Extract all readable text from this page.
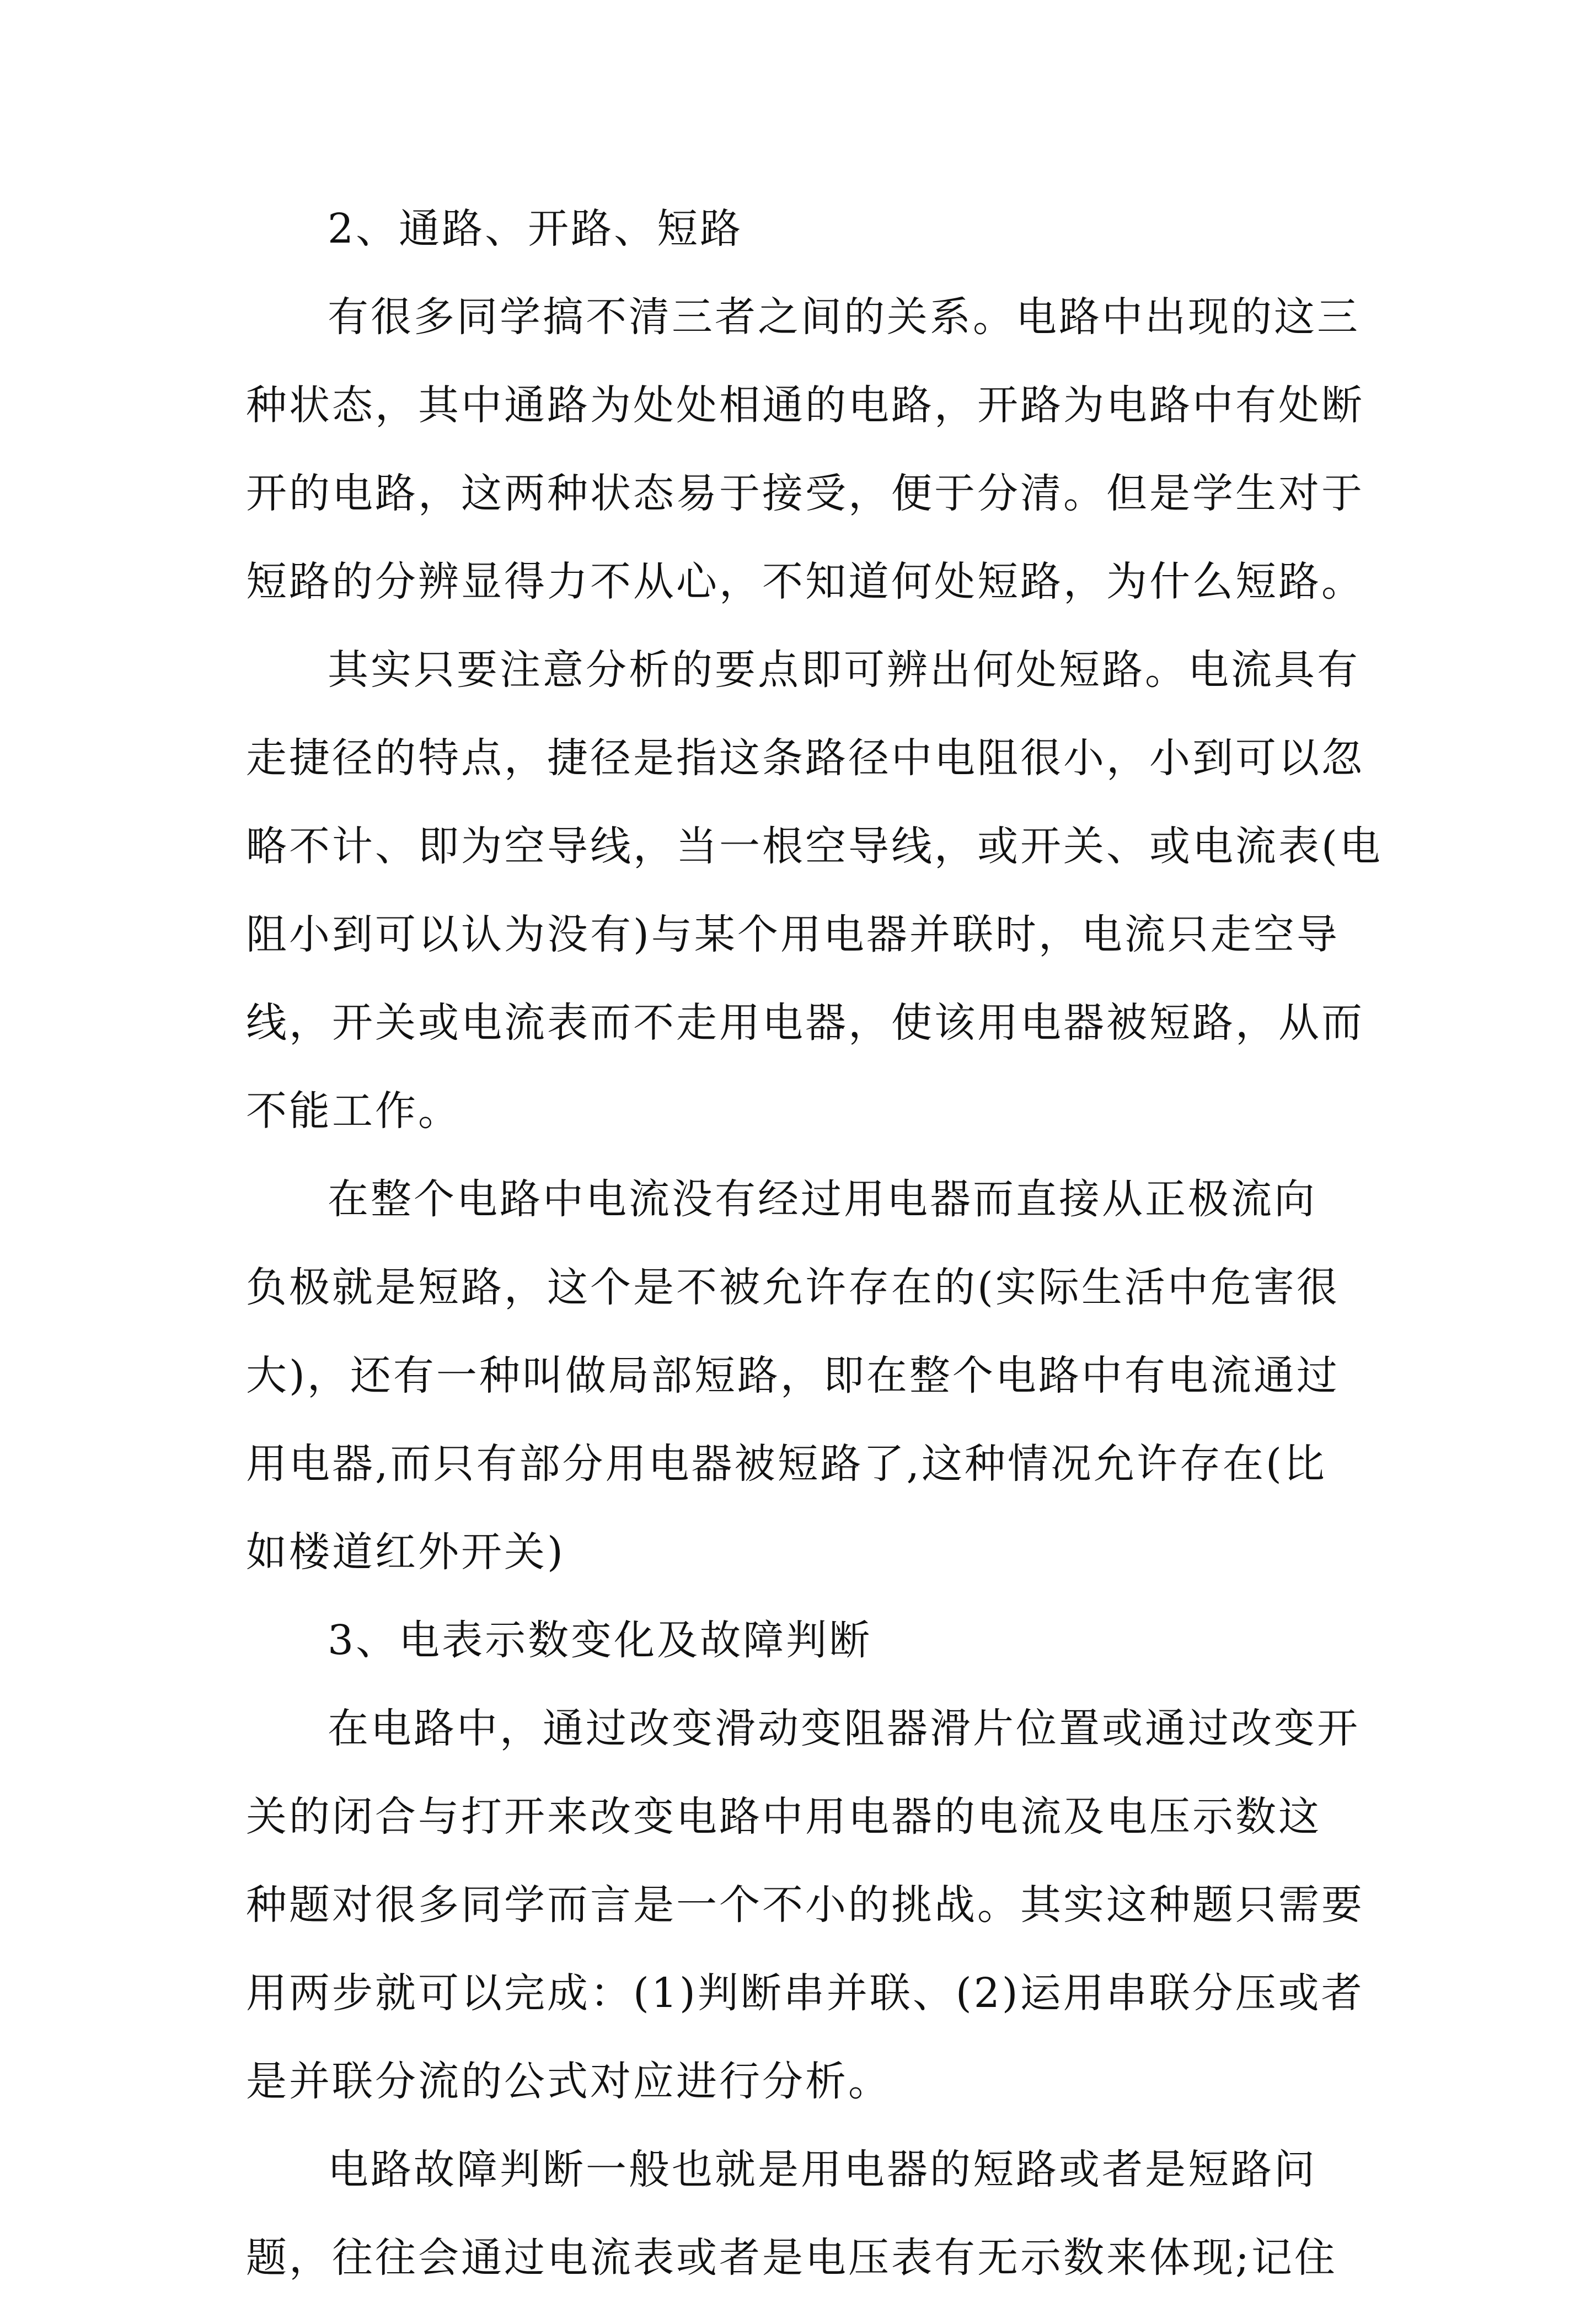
2、通路、开路、短路
有很多同学搞不清三者之间的关系。电路中出现的这三
种状态，其中通路为处处相通的电路，开路为电路中有处断
开的电路，这两种状态易于接受，便于分清。但是学生对于
短路的分辨显得力不从心，不知道何处短路，为什么短路。
其实只要注意分析的要点即可辨出何处短路。电流具有
走捷径的特点，捷径是指这条路径中电阻很小，小到可以忽
略不计、即为空导线，当一根空导线，或开关、或电流表(电
阻小到可以认为没有)与某个用电器并联时，电流只走空导
线，开关或电流表而不走用电器，使该用电器被短路，从而
不能工作。
在整个电路中电流没有经过用电器而直接从正极流向
负极就是短路，这个是不被允许存在的(实际生活中危害很
大)，还有一种叫做局部短路，即在整个电路中有电流通过
用电器,而只有部分用电器被短路了,这种情况允许存在(比
如楼道红外开关)
3、电表示数变化及故障判断
在电路中，通过改变滑动变阻器滑片位置或通过改变开
关的闭合与打开来改变电路中用电器的电流及电压示数这
种题对很多同学而言是一个不小的挑战。其实这种题只需要
用两步就可以完成：(1)判断串并联、(2)运用串联分压或者
是并联分流的公式对应进行分析。
电路故障判断一般也就是用电器的短路或者是短路问
题，往往会通过电流表或者是电压表有无示数来体现;记住
